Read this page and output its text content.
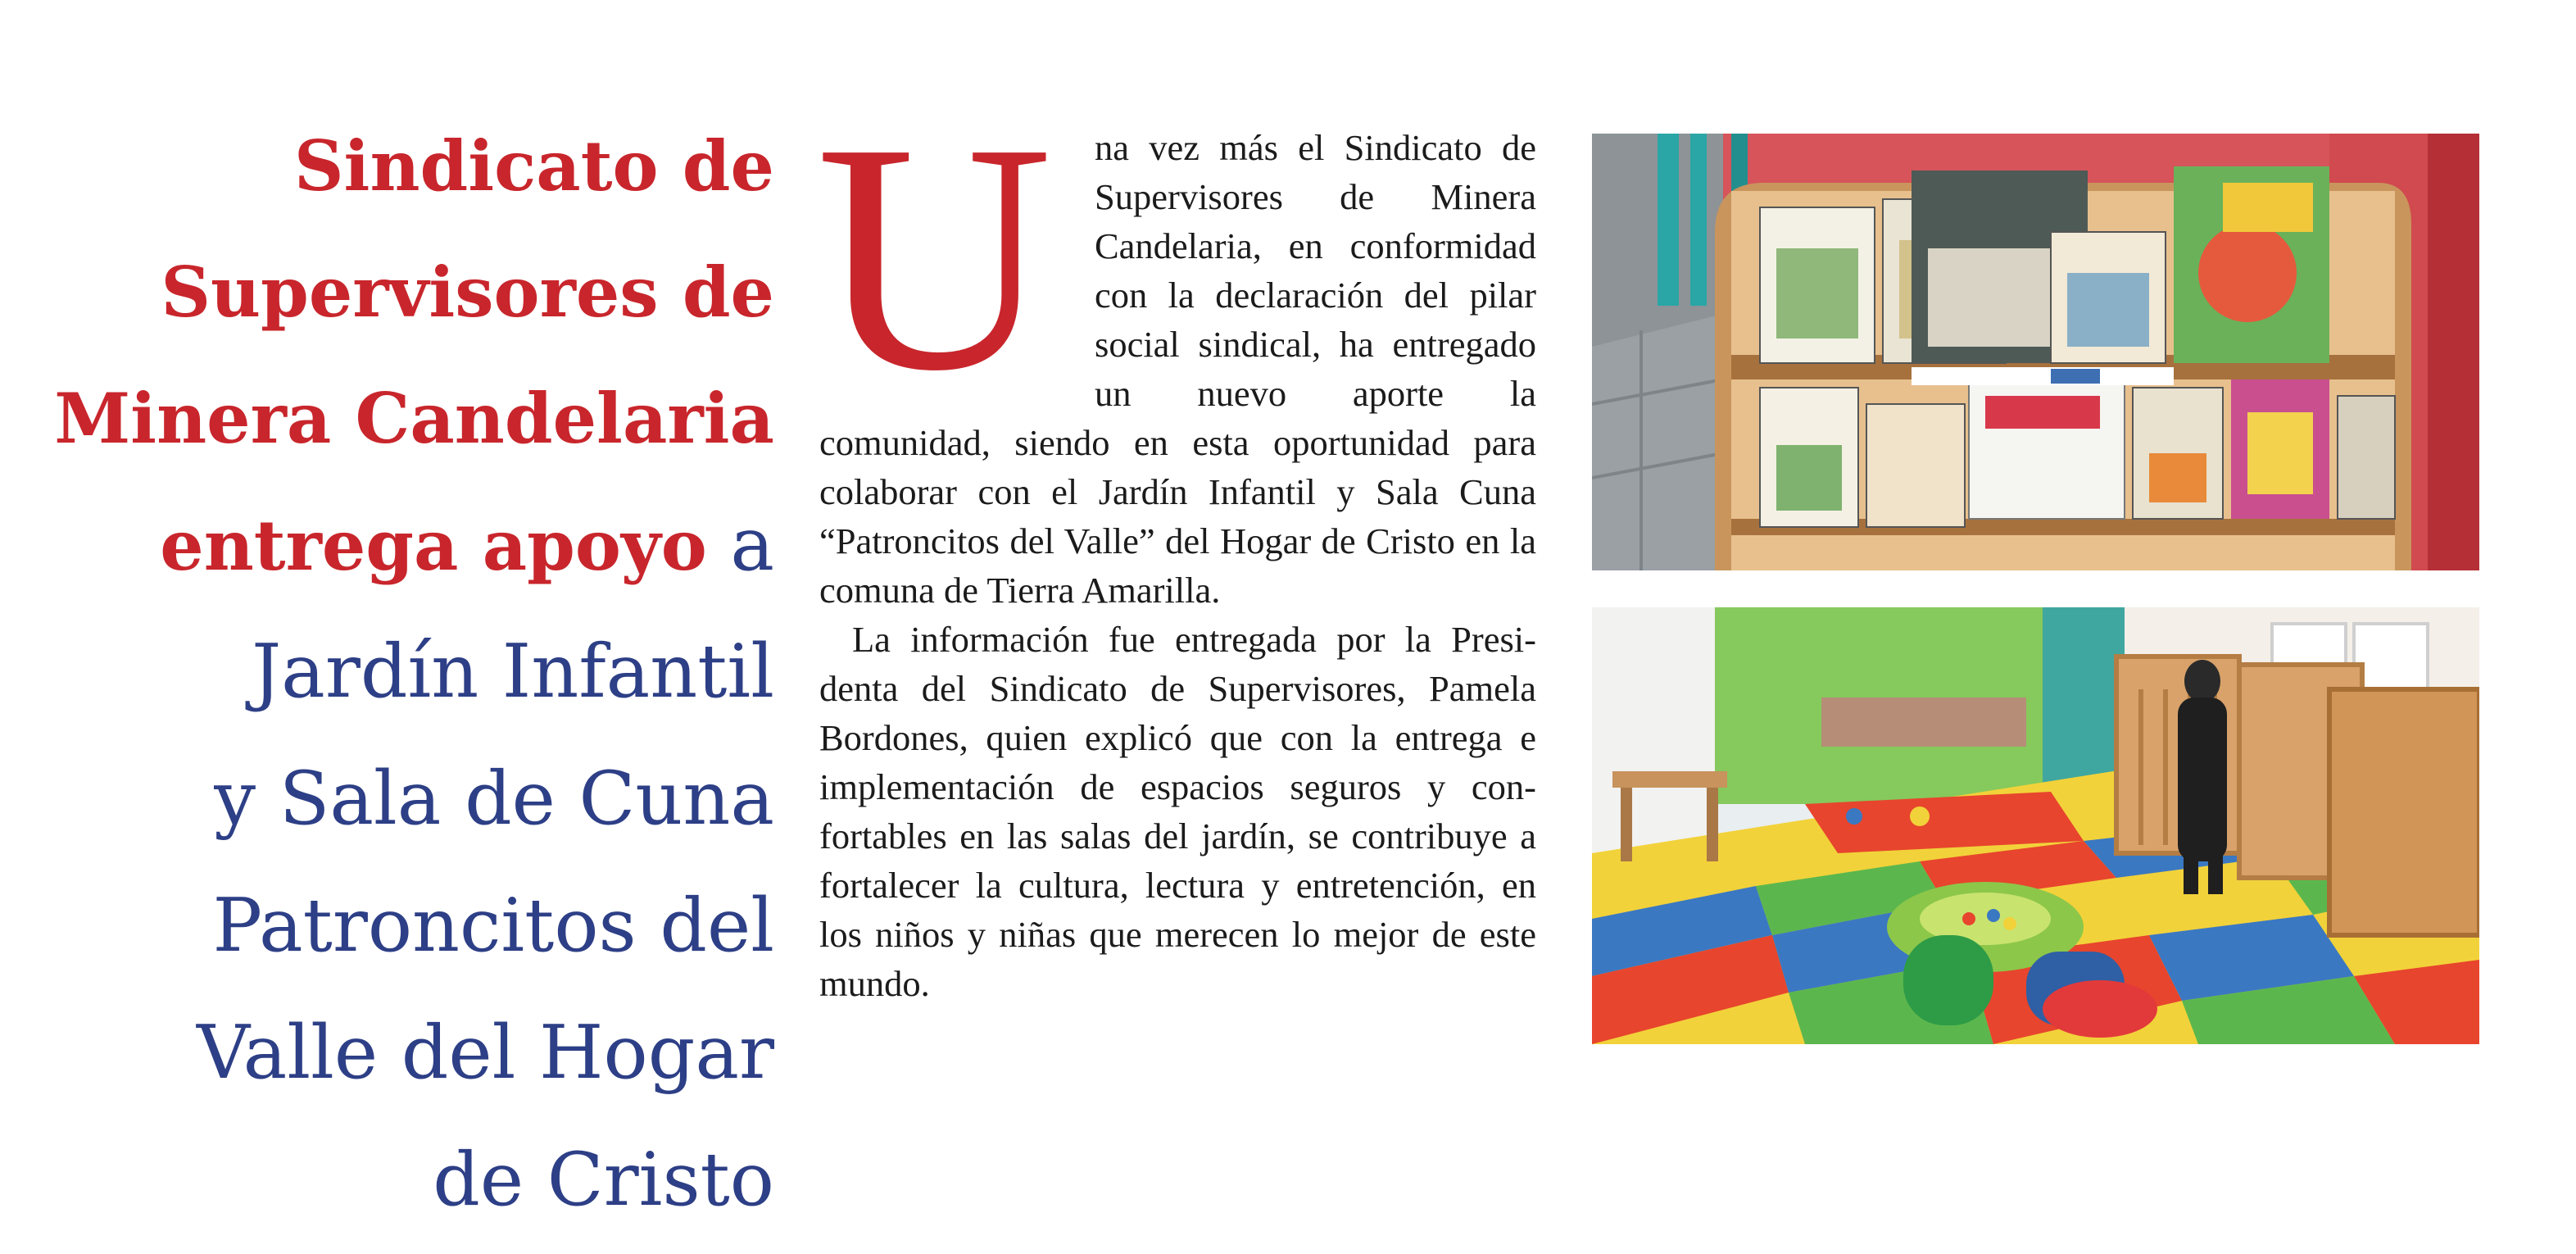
Sindicato de
Supervisores de
Minera Candelaria
entrega apoyo a
Jardín Infantil
y Sala de Cuna
Patroncitos del
Valle del Hogar
de Cristo

U na vez más el Sindicato de Supervisores de Minera Candelaria, en conformidad con la declaración del pilar social sindical, ha entregado un nuevo aporte la comunidad, siendo en esta oportunidad para colaborar con el Jardín Infantil y Sala Cuna “Patroncitos del Valle” del Hogar de Cristo en la comuna de Tierra Amarilla.

La información fue entregada por la Presidenta del Sindicato de Supervisores, Pamela Bordones, quien explicó que con la entrega e implementación de espacios seguros y confortables en las salas del jardín, se contribuye a fortalecer la cultura, lectura y entretención, en los niños y niñas que merecen lo mejor de este mundo.
